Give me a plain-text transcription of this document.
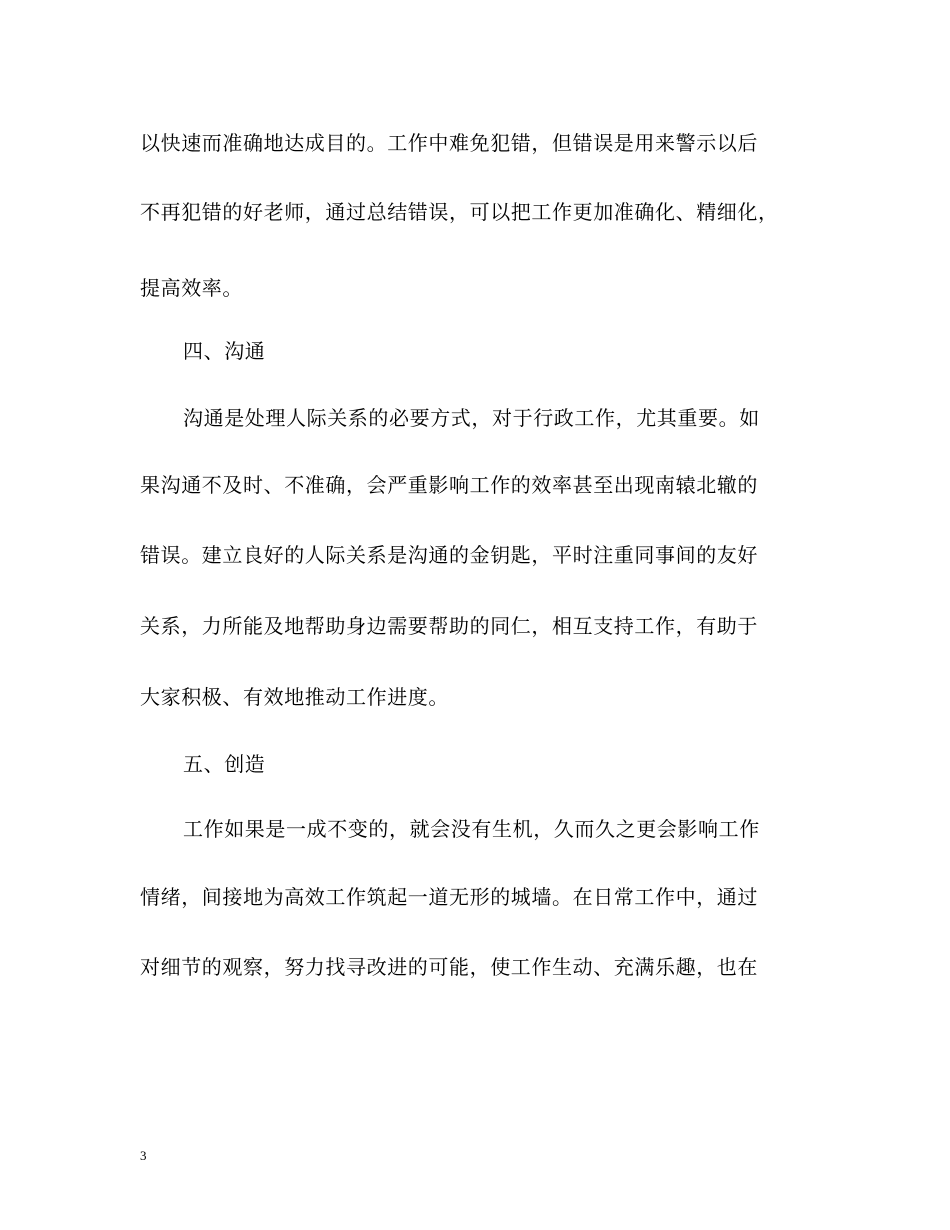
以快速而准确地达成目的。工作中难免犯错，但错误是用来警示以后
不再犯错的好老师，通过总结错误，可以把工作更加准确化、精细化，
提高效率。
四、沟通
沟通是处理人际关系的必要方式，对于行政工作，尤其重要。如
果沟通不及时、不准确，会严重影响工作的效率甚至出现南辕北辙的
错误。建立良好的人际关系是沟通的金钥匙，平时注重同事间的友好
关系，力所能及地帮助身边需要帮助的同仁，相互支持工作，有助于
大家积极、有效地推动工作进度。
五、创造
工作如果是一成不变的，就会没有生机，久而久之更会影响工作
情绪，间接地为高效工作筑起一道无形的城墙。在日常工作中，通过
对细节的观察，努力找寻改进的可能，使工作生动、充满乐趣，也在
3
